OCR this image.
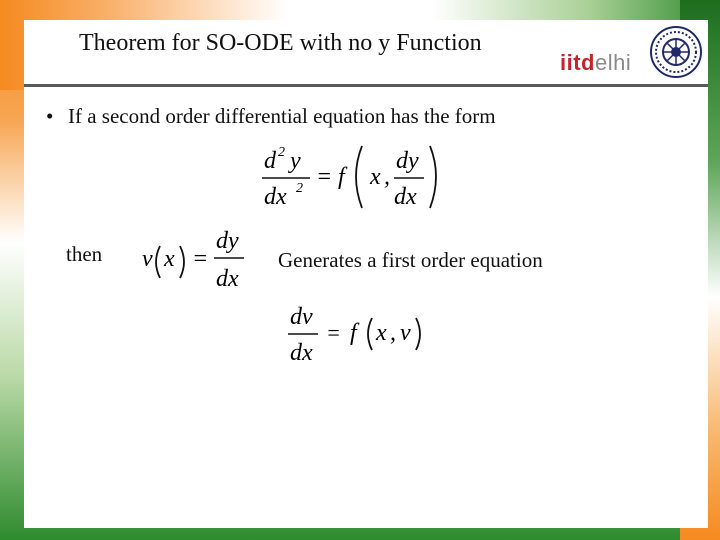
Theorem for SO-ODE with no y Function
iitdelhi
• If a second order differential equation has the form
d 2 y
dx 2 = f x ,
dy
dx
then v x =
dy
dx
Generates a first order equation
dv
dx
= f x , v
